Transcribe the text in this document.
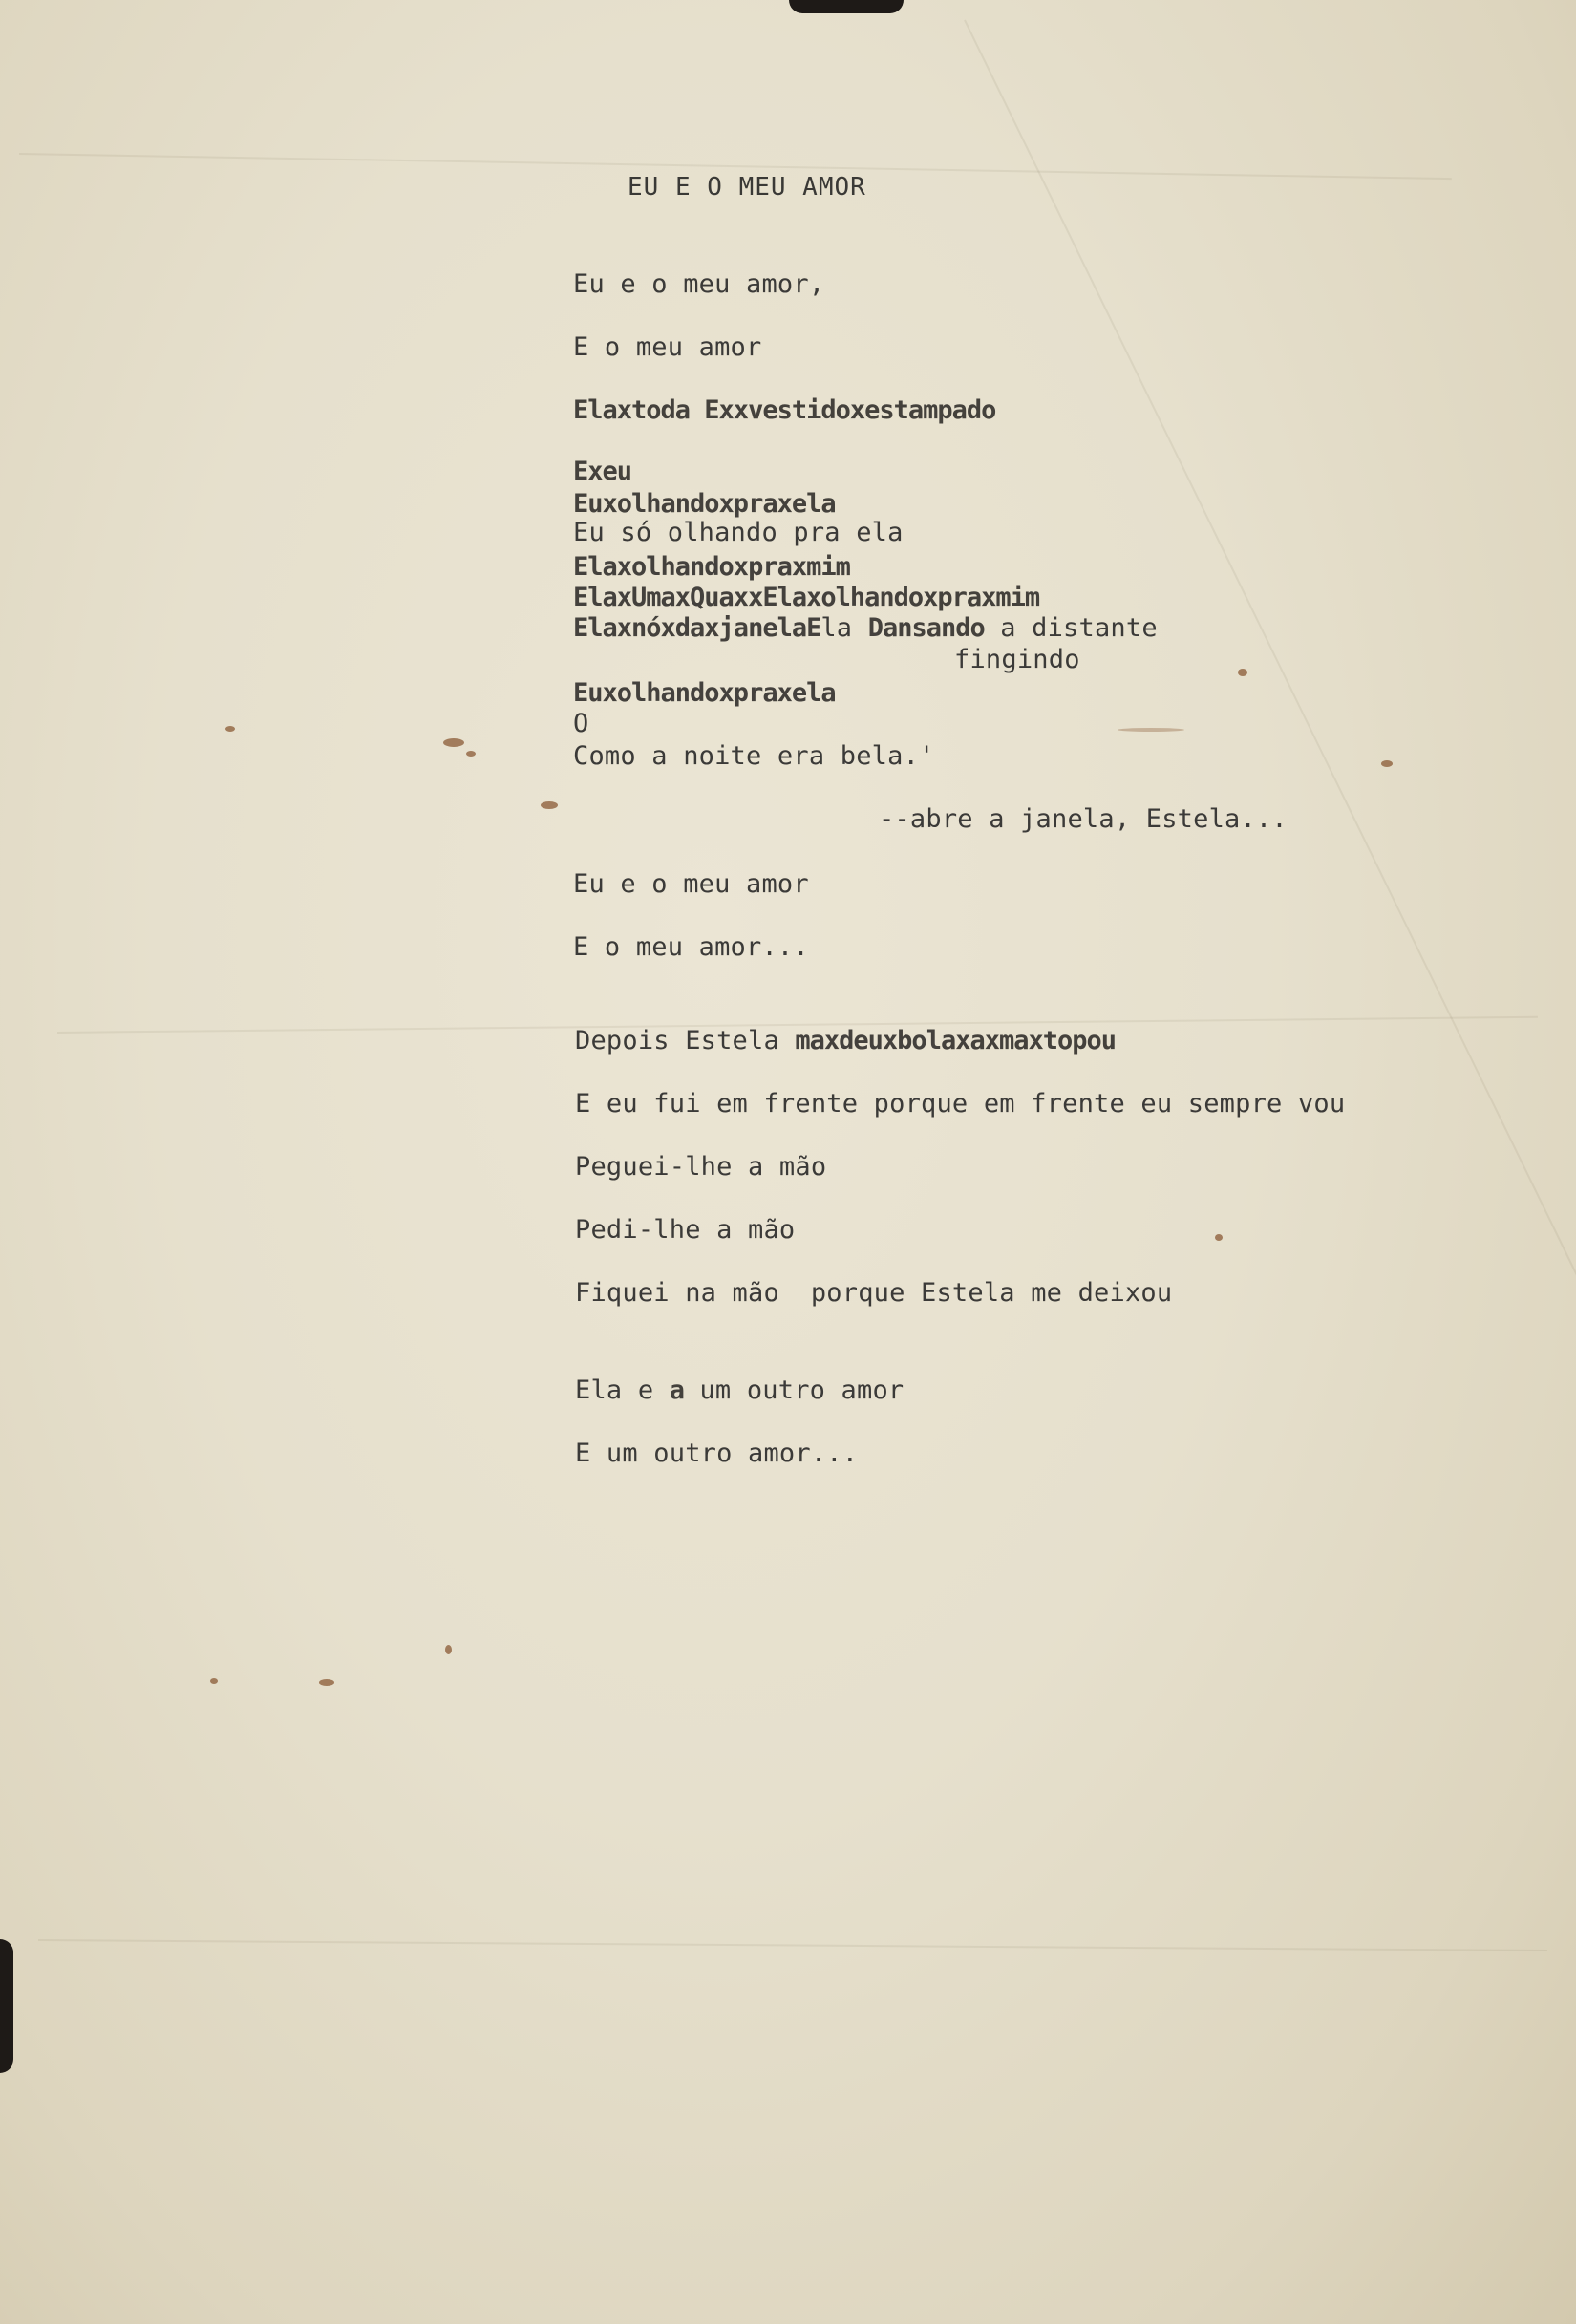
EU E O MEU AMOR

Eu e o meu amor,

E o meu amor

Elaxtoda Exxvestidoxestampado

Exeu

Euxolhandoxpraxela

Eu só olhando pra ela

Elaxolhandoxpraxmim

ElaxUmaxQuaxxElaxolhandoxpraxmim

ElaxnóxdaxjanelaEla Dansando a distante

fingindo

Euxolhandoxpraxela

O

Como a noite era bela.'

--abre a janela, Estela...

Eu e o meu amor

E o meu amor...

Depois Estela maxdeuxbolaxaxmaxtopou

E eu fui em frente porque em frente eu sempre vou

Peguei-lhe a mão

Pedi-lhe a mão

Fiquei na mão  porque Estela me deixou

Ela e a um outro amor

E um outro amor...
